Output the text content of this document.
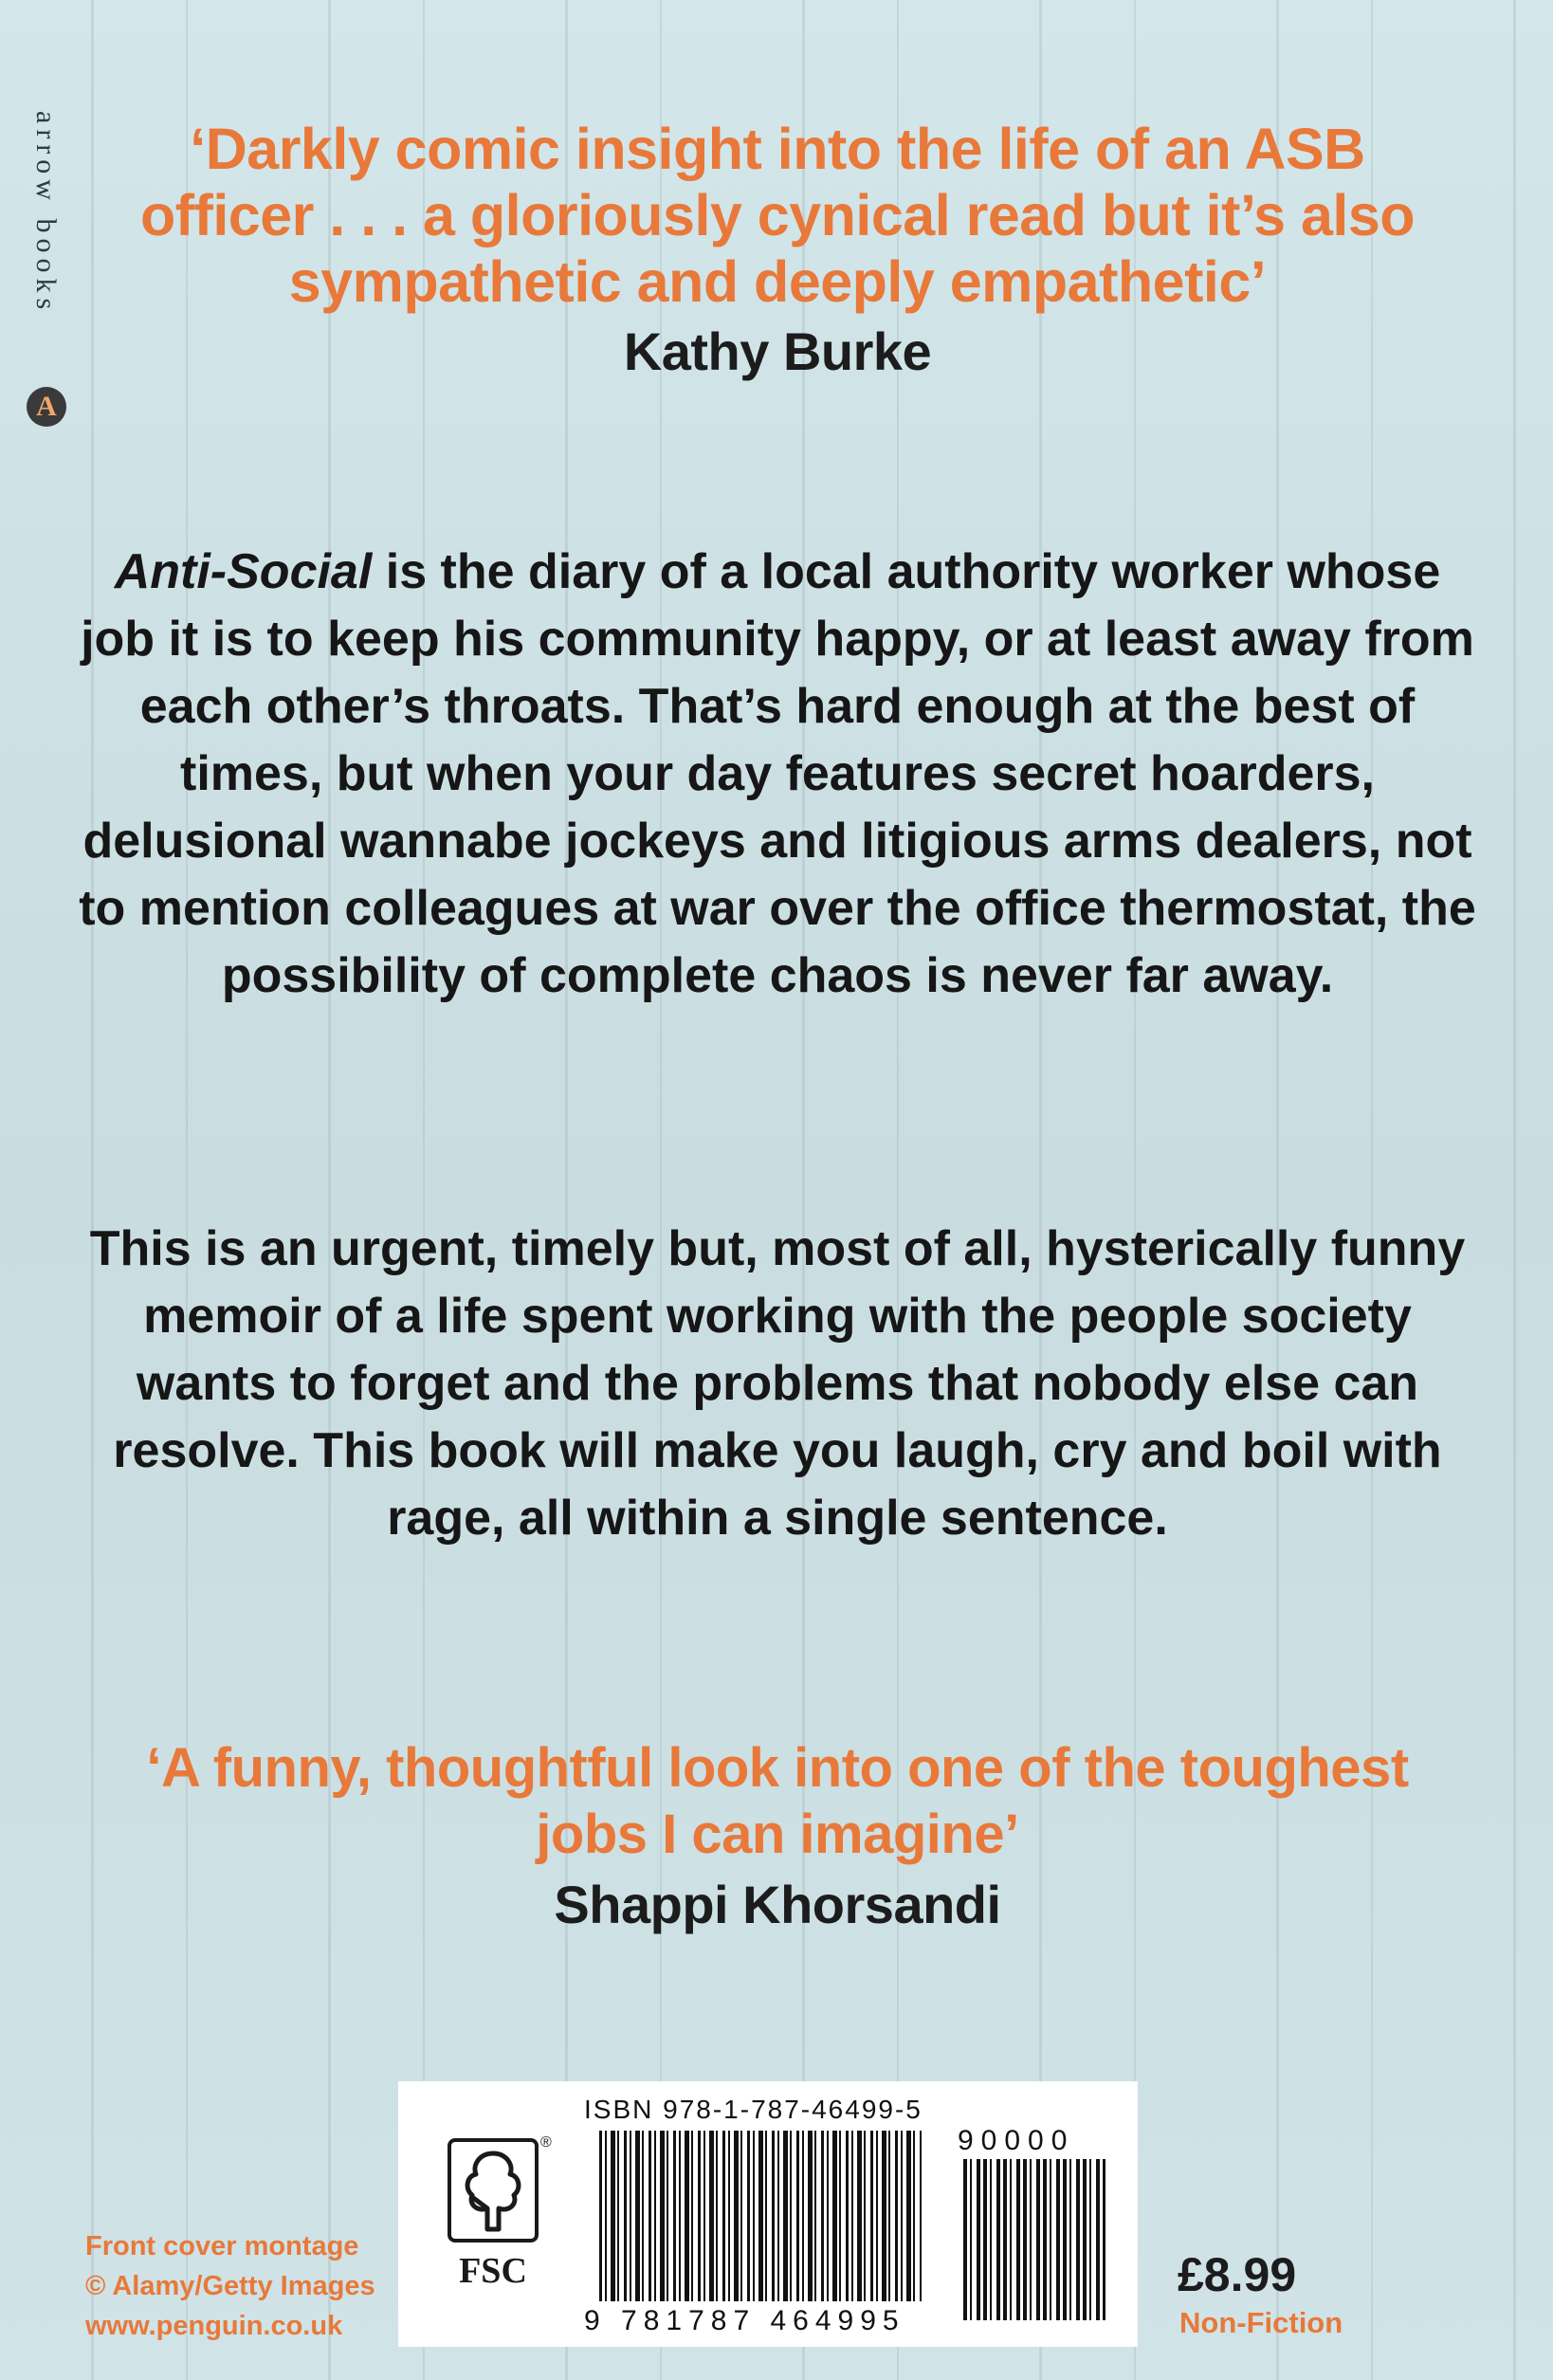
arrow books
A
‘Darkly comic insight into the life of an ASB officer . . . a gloriously cynical read but it’s also sympathetic and deeply empathetic’
Kathy Burke

Anti-Social is the diary of a local authority worker whose job it is to keep his community happy, or at least away from each other’s throats. That’s hard enough at the best of times, but when your day features secret hoarders, delusional wannabe jockeys and litigious arms dealers, not to mention colleagues at war over the office thermostat, the possibility of complete chaos is never far away.

This is an urgent, timely but, most of all, hysterically funny memoir of a life spent working with the people society wants to forget and the problems that nobody else can resolve. This book will make you laugh, cry and boil with rage, all within a single sentence.

‘A funny, thoughtful look into one of the toughest jobs I can imagine’
Shappi Khorsandi
®
FSC
ISBN 978-1-787-46499-5
9 781787 464995
90000
Front cover montage
© Alamy/Getty Images
www.penguin.co.uk
£8.99
Non-Fiction
